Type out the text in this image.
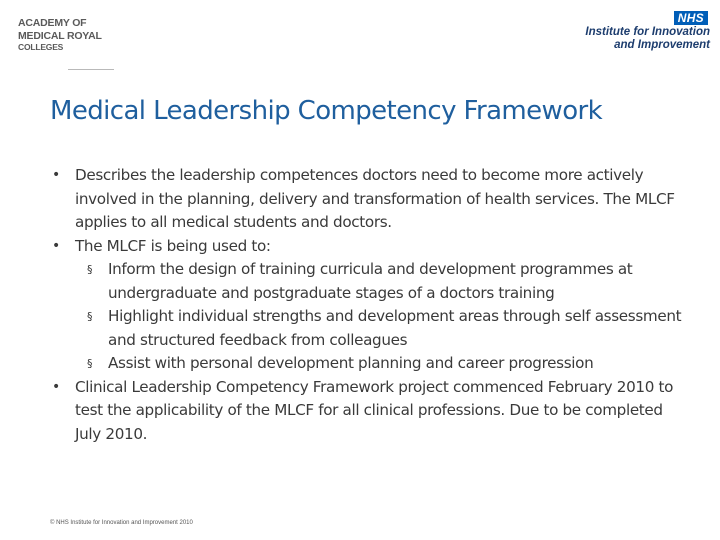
ACADEMY OF
MEDICAL ROYAL
COLLEGES
NHS
Institute for Innovation
and Improvement
Medical Leadership Competency Framework
• Describes the leadership competences doctors need to become more actively involved in the planning, delivery and transformation of health services. The MLCF applies to all medical students and doctors.
• The MLCF is being used to:
§ Inform the design of training curricula and development programmes at undergraduate and postgraduate stages of a doctors training
§ Highlight individual strengths and development areas through self assessment and structured feedback from colleagues
§ Assist with personal development planning and career progression
• Clinical Leadership Competency Framework project commenced February 2010 to test the applicability of the MLCF for all clinical professions. Due to be completed July 2010.
© NHS Institute for Innovation and Improvement 2010
